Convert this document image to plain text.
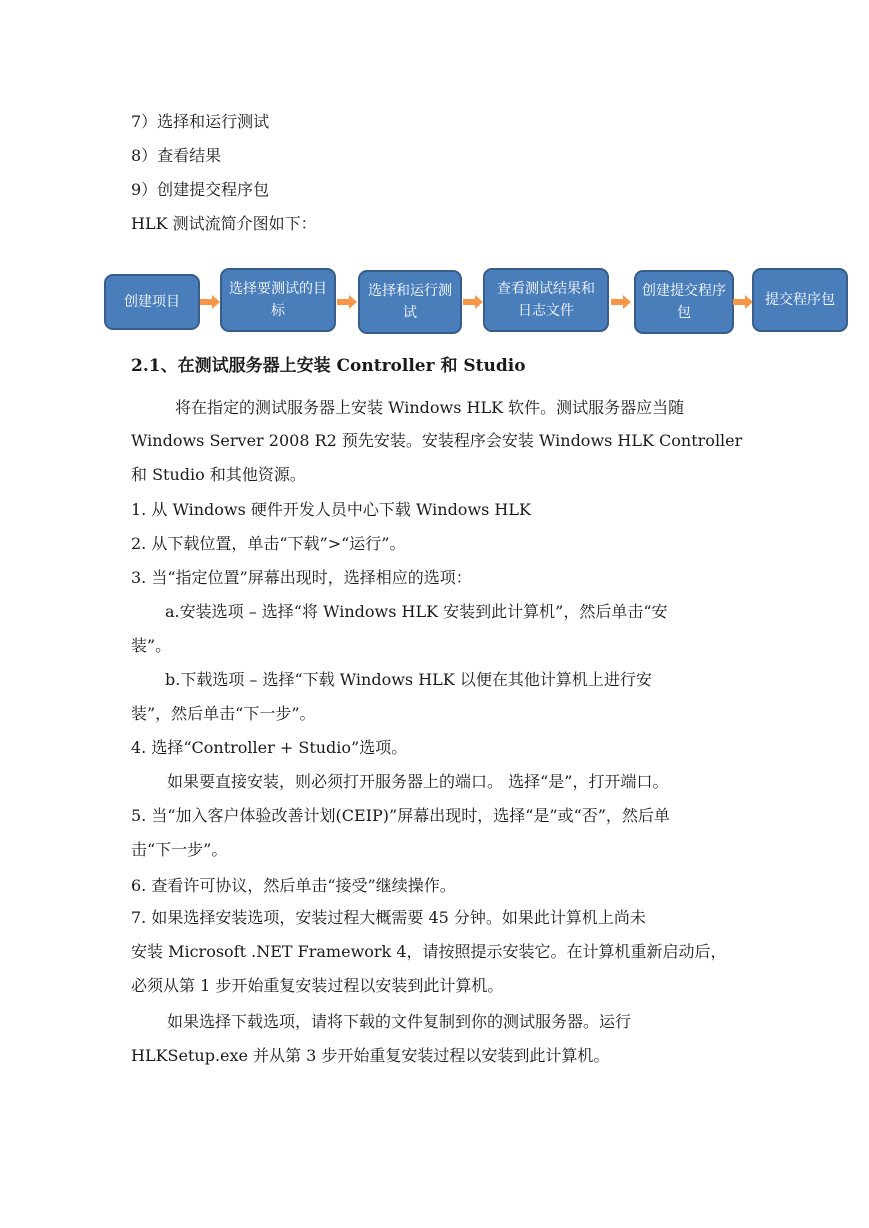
7）选择和运行测试
8）查看结果
9）创建提交程序包
HLK 测试流简介图如下：
创建项目
选择要测试的目标
选择和运行测试
查看测试结果和日志文件
创建提交程序包
提交程序包
2.1、在测试服务器上安装 Controller 和 Studio
将在指定的测试服务器上安装 Windows HLK 软件。测试服务器应当随
Windows Server 2008 R2 预先安装。安装程序会安装 Windows HLK Controller
和 Studio 和其他资源。
1. 从 Windows 硬件开发人员中心下载 Windows HLK
2. 从下载位置，单击“下载”>“运行”。
3. 当“指定位置”屏幕出现时，选择相应的选项：
a.安装选项 – 选择“将 Windows HLK 安装到此计算机”，然后单击“安
装”。
b.下载选项 – 选择“下载 Windows HLK 以便在其他计算机上进行安
装”，然后单击“下一步”。
4. 选择“Controller + Studio”选项。
如果要直接安装，则必须打开服务器上的端口。 选择“是”，打开端口。
5. 当“加入客户体验改善计划(CEIP)”屏幕出现时，选择“是”或“否”，然后单
击“下一步”。
6. 查看许可协议，然后单击“接受”继续操作。
7. 如果选择安装选项，安装过程大概需要 45 分钟。如果此计算机上尚未
安装 Microsoft .NET Framework 4，请按照提示安装它。在计算机重新启动后，
必须从第 1 步开始重复安装过程以安装到此计算机。
如果选择下载选项，请将下载的文件复制到你的测试服务器。运行
HLKSetup.exe 并从第 3 步开始重复安装过程以安装到此计算机。
